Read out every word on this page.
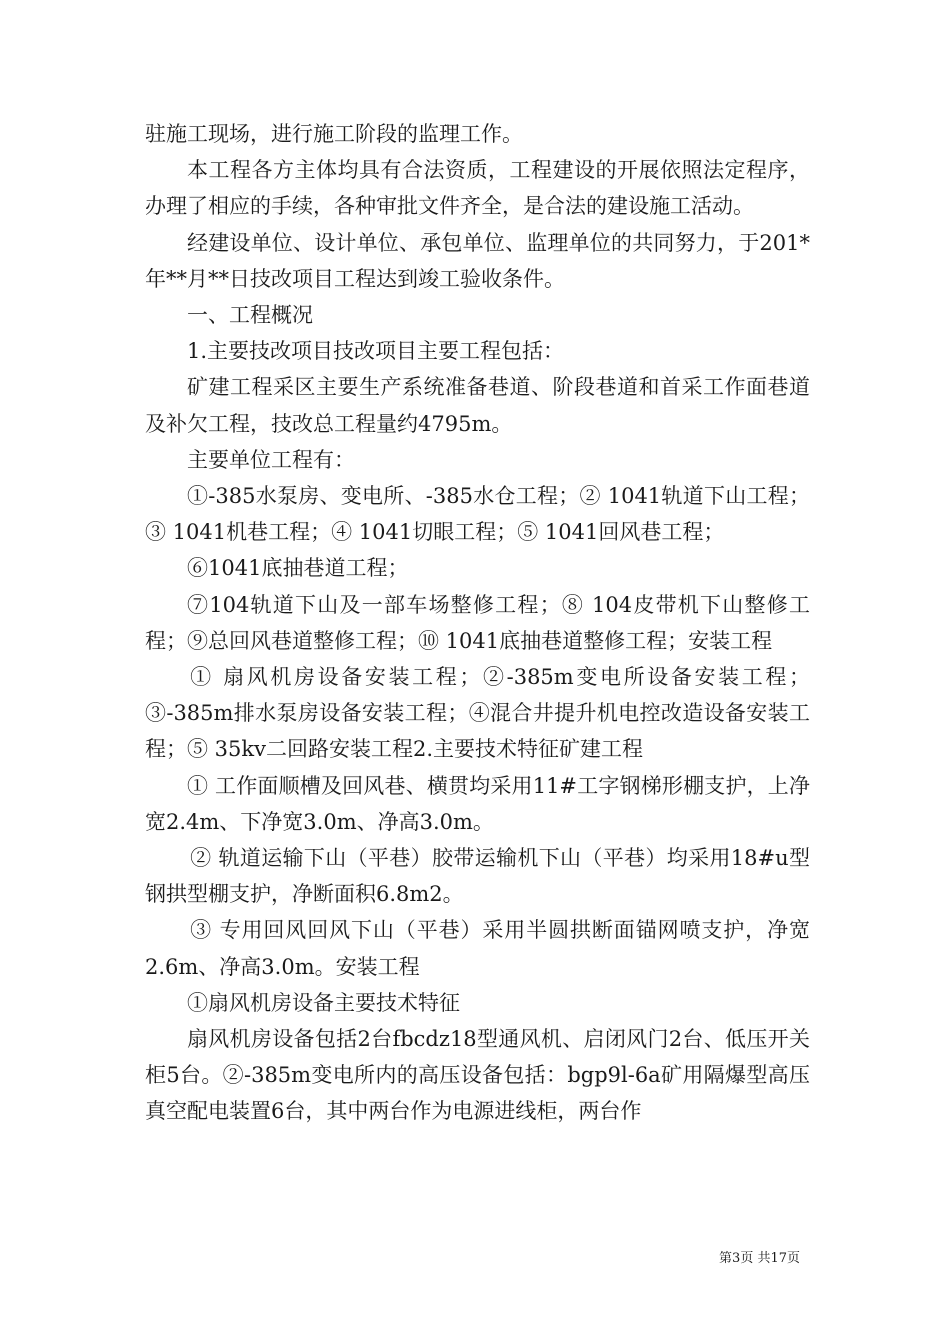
驻施工现场，进行施工阶段的监理工作。

本工程各方主体均具有合法资质，工程建设的开展依照法定程序，办理了相应的手续，各种审批文件齐全，是合法的建设施工活动。

经建设单位、设计单位、承包单位、监理单位的共同努力，于201*年**月**日技改项目工程达到竣工验收条件。

一、工程概况

1.主要技改项目技改项目主要工程包括：

矿建工程采区主要生产系统准备巷道、阶段巷道和首采工作面巷道及补欠工程，技改总工程量约4795m。

主要单位工程有：

①-385水泵房、变电所、-385水仓工程；② 1041轨道下山工程；③ 1041机巷工程；④ 1041切眼工程；⑤ 1041回风巷工程；

⑥1041底抽巷道工程；

⑦104轨道下山及一部车场整修工程；⑧ 104皮带机下山整修工程；⑨总回风巷道整修工程；⑩ 1041底抽巷道整修工程；安装工程

① 扇风机房设备安装工程；②-385m变电所设备安装工程；③-385m排水泵房设备安装工程；④混合井提升机电控改造设备安装工程；⑤ 35kv二回路安装工程2.主要技术特征矿建工程

① 工作面顺槽及回风巷、横贯均采用11#工字钢梯形棚支护，上净宽2.4m、下净宽3.0m、净高3.0m。

② 轨道运输下山（平巷）胶带运输机下山（平巷）均采用18#u型钢拱型棚支护，净断面积6.8m2。

③ 专用回风回风下山（平巷）采用半圆拱断面锚网喷支护，净宽2.6m、净高3.0m。安装工程

①扇风机房设备主要技术特征

扇风机房设备包括2台fbcdz18型通风机、启闭风门2台、低压开关柜5台。②-385m变电所内的高压设备包括：bgp9l-6a矿用隔爆型高压真空配电装置6台，其中两台作为电源进线柜，两台作

第3页 共17页
